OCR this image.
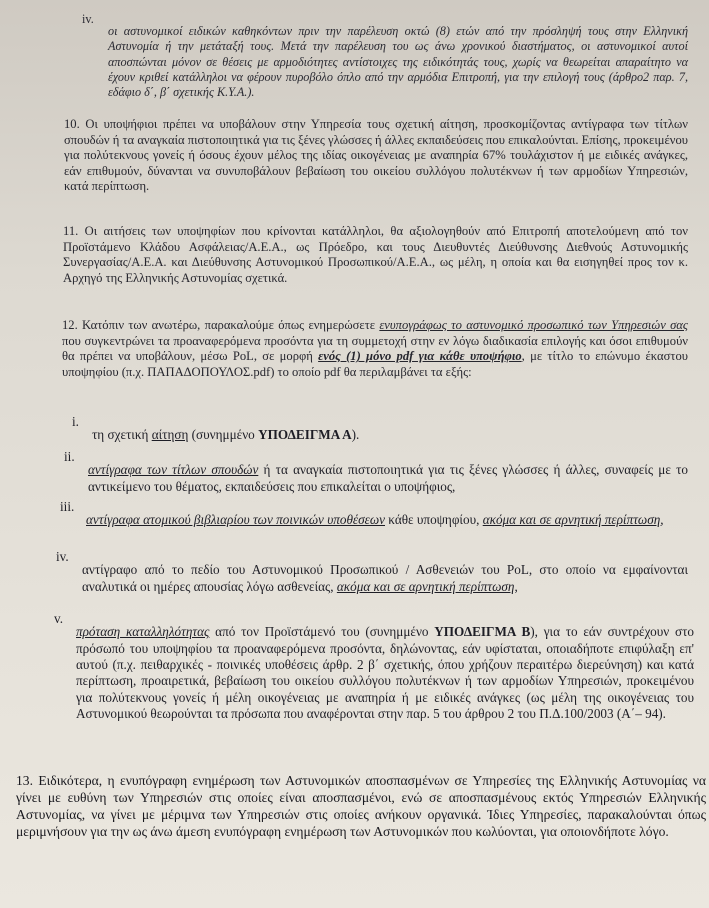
iv.

οι αστυνομικοί ειδικών καθηκόντων πριν την παρέλευση οκτώ (8) ετών από την πρόσληψή τους στην Ελληνική Αστυνομία ή την μετάταξή τους. Μετά την παρέλευση του ως άνω χρονικού διαστήματος, οι αστυνομικοί αυτοί αποσπώνται μόνον σε θέσεις με αρμοδιότητες αντίστοιχες της ειδικότητάς τους, χωρίς να θεωρείται απαραίτητο να έχουν κριθεί κατάλληλοι να φέρουν πυροβόλο όπλο από την αρμόδια Επιτροπή, για την επιλογή τους (άρθρο2 παρ. 7, εδάφιο δ΄, β΄ σχετικής Κ.Υ.Α.).

10. Οι υποψήφιοι πρέπει να υποβάλουν στην Υπηρεσία τους σχετική αίτηση, προσκομίζοντας αντίγραφα των τίτλων σπουδών ή τα αναγκαία πιστοποιητικά για τις ξένες γλώσσες ή άλλες εκπαιδεύσεις που επικαλούνται. Επίσης, προκειμένου για πολύτεκνους γονείς ή όσους έχουν μέλος της ιδίας οικογένειας με αναπηρία 67% τουλάχιστον ή με ειδικές ανάγκες, εάν επιθυμούν, δύνανται να συνυποβάλουν βεβαίωση του οικείου συλλόγου πολυτέκνων ή των αρμοδίων Υπηρεσιών, κατά περίπτωση.

11. Οι αιτήσεις των υποψηφίων που κρίνονται κατάλληλοι, θα αξιολογηθούν από Επιτροπή αποτελούμενη από τον Προϊστάμενο Κλάδου Ασφάλειας/Α.Ε.Α., ως Πρόεδρο, και τους Διευθυντές Διεύθυνσης Διεθνούς Αστυνομικής Συνεργασίας/Α.Ε.Α. και Διεύθυνσης Αστυνομικού Προσωπικού/Α.Ε.Α., ως μέλη, η οποία και θα εισηγηθεί προς τον κ. Αρχηγό της Ελληνικής Αστυνομίας σχετικά.

12. Κατόπιν των ανωτέρω, παρακαλούμε όπως ενημερώσετε ενυπογράφως το αστυνομικό προσωπικό των Υπηρεσιών σας που συγκεντρώνει τα προαναφερόμενα προσόντα για τη συμμετοχή στην εν λόγω διαδικασία επιλογής και όσοι επιθυμούν θα πρέπει να υποβάλουν, μέσω PoL, σε μορφή ενός (1) μόνο pdf για κάθε υποψήφιο, με τίτλο το επώνυμο έκαστου υποψηφίου (π.χ. ΠΑΠΑΔΟΠΟΥΛΟΣ.pdf) το οποίο pdf θα περιλαμβάνει τα εξής:

i.

τη σχετική αίτηση (συνημμένο ΥΠΟΔΕΙΓΜΑ Α).

ii.

αντίγραφα των τίτλων σπουδών ή τα αναγκαία πιστοποιητικά για τις ξένες γλώσσες ή άλλες, συναφείς με το αντικείμενο του θέματος, εκπαιδεύσεις που επικαλείται ο υποψήφιος,

iii.

αντίγραφα ατομικού βιβλιαρίου των ποινικών υποθέσεων κάθε υποψηφίου, ακόμα και σε αρνητική περίπτωση,

iv.

αντίγραφο από το πεδίο του Αστυνομικού Προσωπικού / Ασθενειών του PoL, στο οποίο να εμφαίνονται αναλυτικά οι ημέρες απουσίας λόγω ασθενείας, ακόμα και σε αρνητική περίπτωση,

v.

πρόταση καταλληλότητας από τον Προϊστάμενό του (συνημμένο ΥΠΟΔΕΙΓΜΑ Β), για το εάν συντρέχουν στο πρόσωπό του υποψηφίου τα προαναφερόμενα προσόντα, δηλώνοντας, εάν υφίσταται, οποιαδήποτε επιφύλαξη επ' αυτού (π.χ. πειθαρχικές - ποινικές υποθέσεις άρθρ. 2 β΄ σχετικής, όπου χρήζουν περαιτέρω διερεύνηση) και κατά περίπτωση, προαιρετικά, βεβαίωση του οικείου συλλόγου πολυτέκνων ή των αρμοδίων Υπηρεσιών, προκειμένου για πολύτεκνους γονείς ή μέλη οικογένειας με αναπηρία ή με ειδικές ανάγκες (ως μέλη της οικογένειας του Αστυνομικού θεωρούνται τα πρόσωπα που αναφέρονται στην παρ. 5 του άρθρου 2 του Π.Δ.100/2003 (Α΄– 94).

13. Ειδικότερα, η ενυπόγραφη ενημέρωση των Αστυνομικών αποσπασμένων σε Υπηρεσίες της Ελληνικής Αστυνομίας να γίνει με ευθύνη των Υπηρεσιών στις οποίες είναι αποσπασμένοι, ενώ σε αποσπασμένους εκτός Υπηρεσιών Ελληνικής Αστυνομίας, να γίνει με μέριμνα των Υπηρεσιών στις οποίες ανήκουν οργανικά. Ίδιες Υπηρεσίες, παρακαλούνται όπως μεριμνήσουν για την ως άνω άμεση ενυπόγραφη ενημέρωση των Αστυνομικών που κωλύονται, για οποιονδήποτε λόγο.
